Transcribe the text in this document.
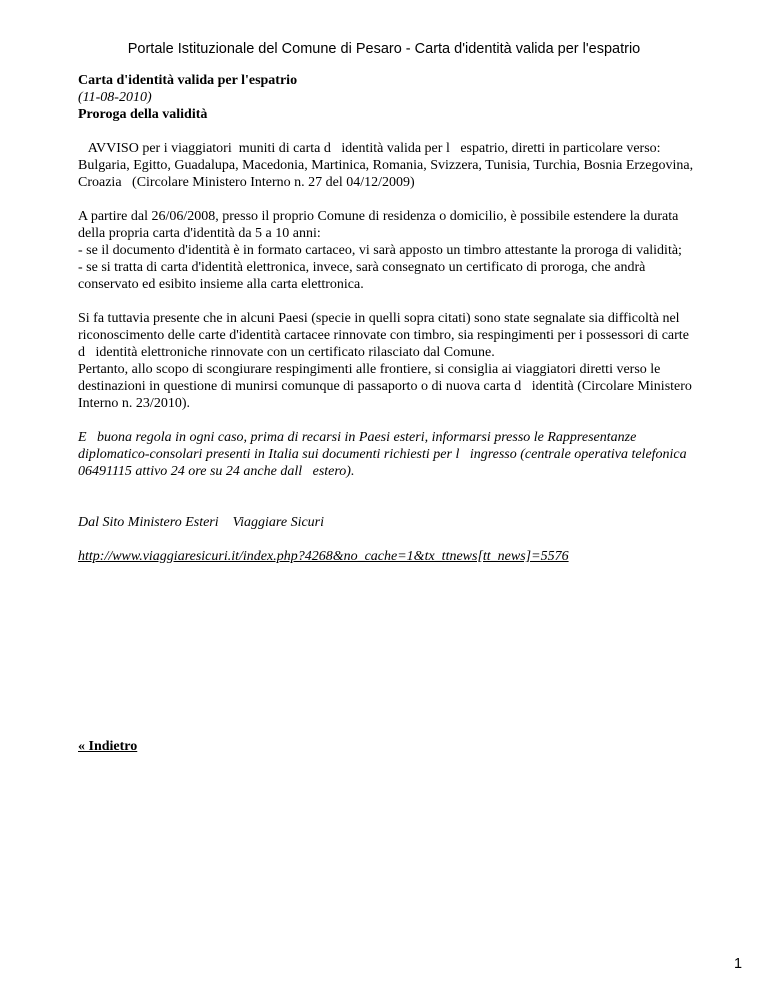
Portale Istituzionale del Comune di Pesaro - Carta d'identità valida per l'espatrio
Carta d'identità valida per l'espatrio
(11-08-2010)
Proroga della validità
AVVISO per i viaggiatori  muniti di carta d   identità valida per l   espatrio, diretti in particolare verso:
Bulgaria, Egitto, Guadalupa, Macedonia, Martinica, Romania, Svizzera, Tunisia, Turchia, Bosnia Erzegovina,
Croazia   (Circolare Ministero Interno n. 27 del 04/12/2009)
A partire dal 26/06/2008, presso il proprio Comune di residenza o domicilio, è possibile estendere la durata
della propria carta d'identità da 5 a 10 anni:
- se il documento d'identità è in formato cartaceo, vi sarà apposto un timbro attestante la proroga di validità;
- se si tratta di carta d'identità elettronica, invece, sarà consegnato un certificato di proroga, che andrà
conservato ed esibito insieme alla carta elettronica.
Si fa tuttavia presente che in alcuni Paesi (specie in quelli sopra citati) sono state segnalate sia difficoltà nel
riconoscimento delle carte d'identità cartacee rinnovate con timbro, sia respingimenti per i possessori di carte
d   identità elettroniche rinnovate con un certificato rilasciato dal Comune.
Pertanto, allo scopo di scongiurare respingimenti alle frontiere, si consiglia ai viaggiatori diretti verso le
destinazioni in questione di munirsi comunque di passaporto o di nuova carta d   identità (Circolare Ministero
Interno n. 23/2010).
E   buona regola in ogni caso, prima di recarsi in Paesi esteri, informarsi presso le Rappresentanze
diplomatico-consolari presenti in Italia sui documenti richiesti per l   ingresso (centrale operativa telefonica
06491115 attivo 24 ore su 24 anche dall   estero).
Dal Sito Ministero Esteri    Viaggiare Sicuri
http://www.viaggiaresicuri.it/index.php?4268&no_cache=1&tx_ttnews[tt_news]=5576
« Indietro
1
